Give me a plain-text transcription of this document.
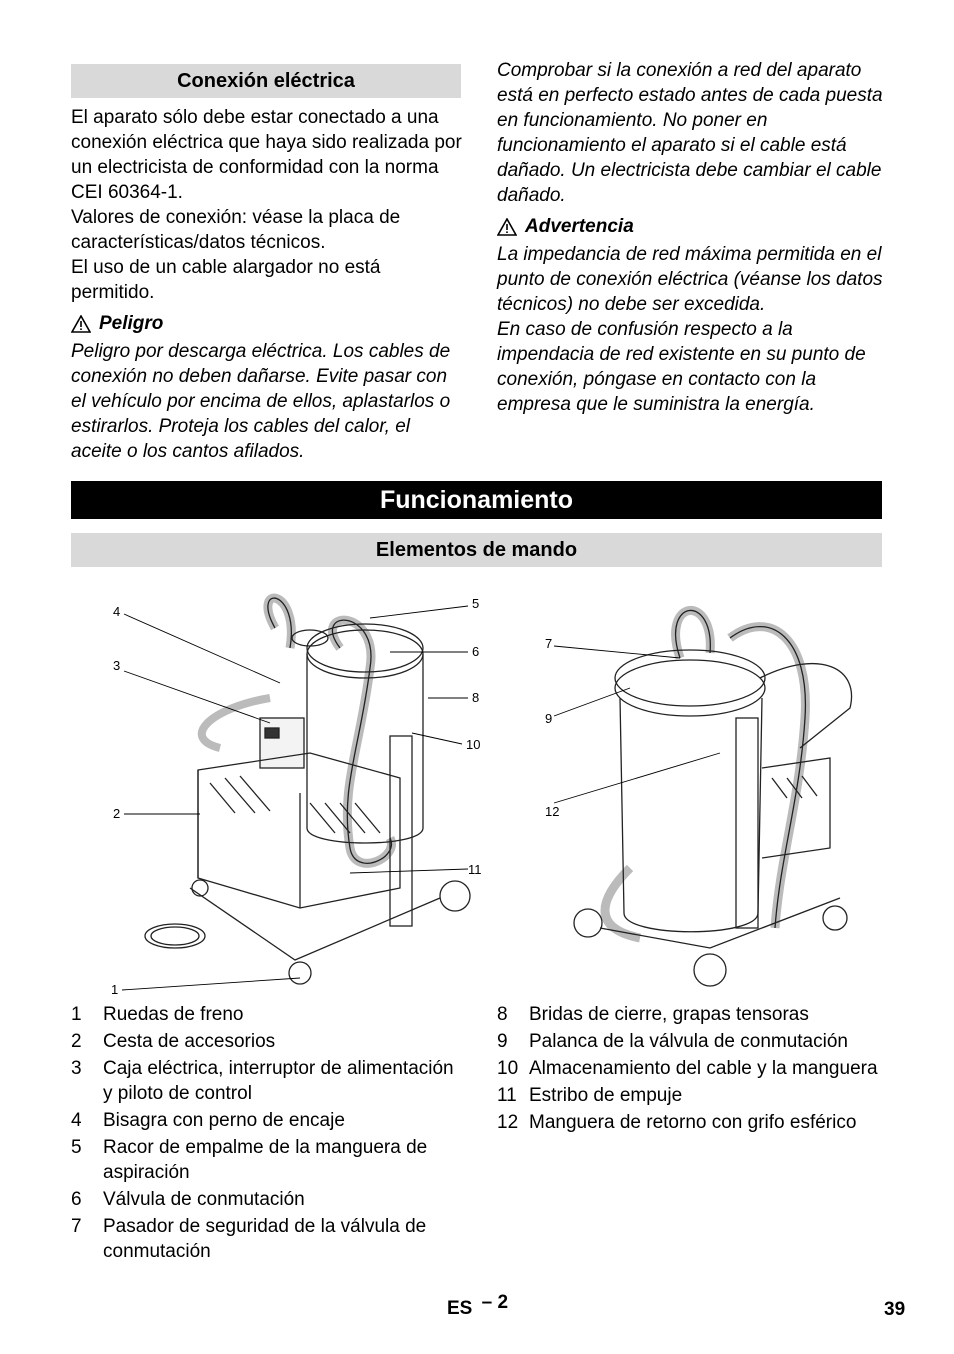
Conexión eléctrica
El aparato sólo debe estar conectado a una conexión eléctrica que haya sido realizada por un electricista de conformidad con la norma CEI 60364-1.
Valores de conexión: véase la placa de características/datos técnicos.
El uso de un cable alargador no está permitido.
Peligro
Peligro por descarga eléctrica. Los cables de conexión no deben dañarse. Evite pasar con el vehículo por encima de ellos, aplastarlos o estirarlos. Proteja los cables del calor, el aceite o los cantos afilados.
Comprobar si la conexión a red del aparato está en perfecto estado antes de cada puesta en funcionamiento. No poner en funcionamiento el aparato si el cable está dañado. Un electricista debe cambiar el cable dañado.
Advertencia
La impedancia de red máxima permitida en el punto de conexión eléctrica (véanse los datos técnicos) no debe ser excedida.
En caso de confusión respecto a la impendacia de red existente en su punto de conexión, póngase en contacto con la empresa que le suministra la energía.
Funcionamiento
Elementos de mando
4
3
2
1
5
6
8
10
11
7
9
12
1	Ruedas de freno
2	Cesta de accesorios
3	Caja eléctrica, interruptor de alimentación y piloto de control
4	Bisagra con perno de encaje
5	Racor de empalme de la manguera de aspiración
6	Válvula de conmutación
7	Pasador de seguridad de la válvula de conmutación
8	Bridas de cierre, grapas tensoras
9	Palanca de la válvula de conmutación
10 Almacenamiento del cable y la manguera
11 Estribo de empuje
12 Manguera de retorno con grifo esférico
ES – 2	39
